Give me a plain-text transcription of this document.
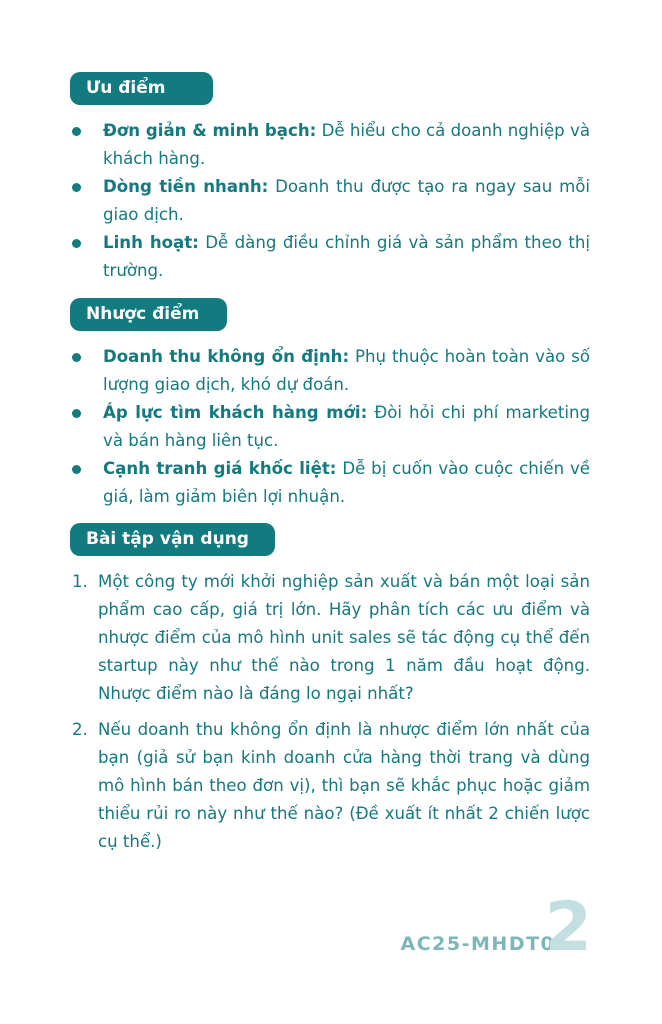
Ưu điểm
Đơn giản & minh bạch: Dễ hiểu cho cả doanh nghiệp và khách hàng.
Dòng tiền nhanh: Doanh thu được tạo ra ngay sau mỗi giao dịch.
Linh hoạt: Dễ dàng điều chỉnh giá và sản phẩm theo thị trường.
Nhược điểm
Doanh thu không ổn định: Phụ thuộc hoàn toàn vào số lượng giao dịch, khó dự đoán.
Áp lực tìm khách hàng mới: Đòi hỏi chi phí marketing và bán hàng liên tục.
Cạnh tranh giá khốc liệt: Dễ bị cuốn vào cuộc chiến về giá, làm giảm biên lợi nhuận.
Bài tập vận dụng
1. Một công ty mới khởi nghiệp sản xuất và bán một loại sản phẩm cao cấp, giá trị lớn. Hãy phân tích các ưu điểm và nhược điểm của mô hình unit sales sẽ tác động cụ thể đến startup này như thế nào trong 1 năm đầu hoạt động. Nhược điểm nào là đáng lo ngại nhất?
2. Nếu doanh thu không ổn định là nhược điểm lớn nhất của bạn (giả sử bạn kinh doanh cửa hàng thời trang và dùng mô hình bán theo đơn vị), thì bạn sẽ khắc phục hoặc giảm thiểu rủi ro này như thế nào? (Đề xuất ít nhất 2 chiến lược cụ thể.)
AC25-MHDT01
2
